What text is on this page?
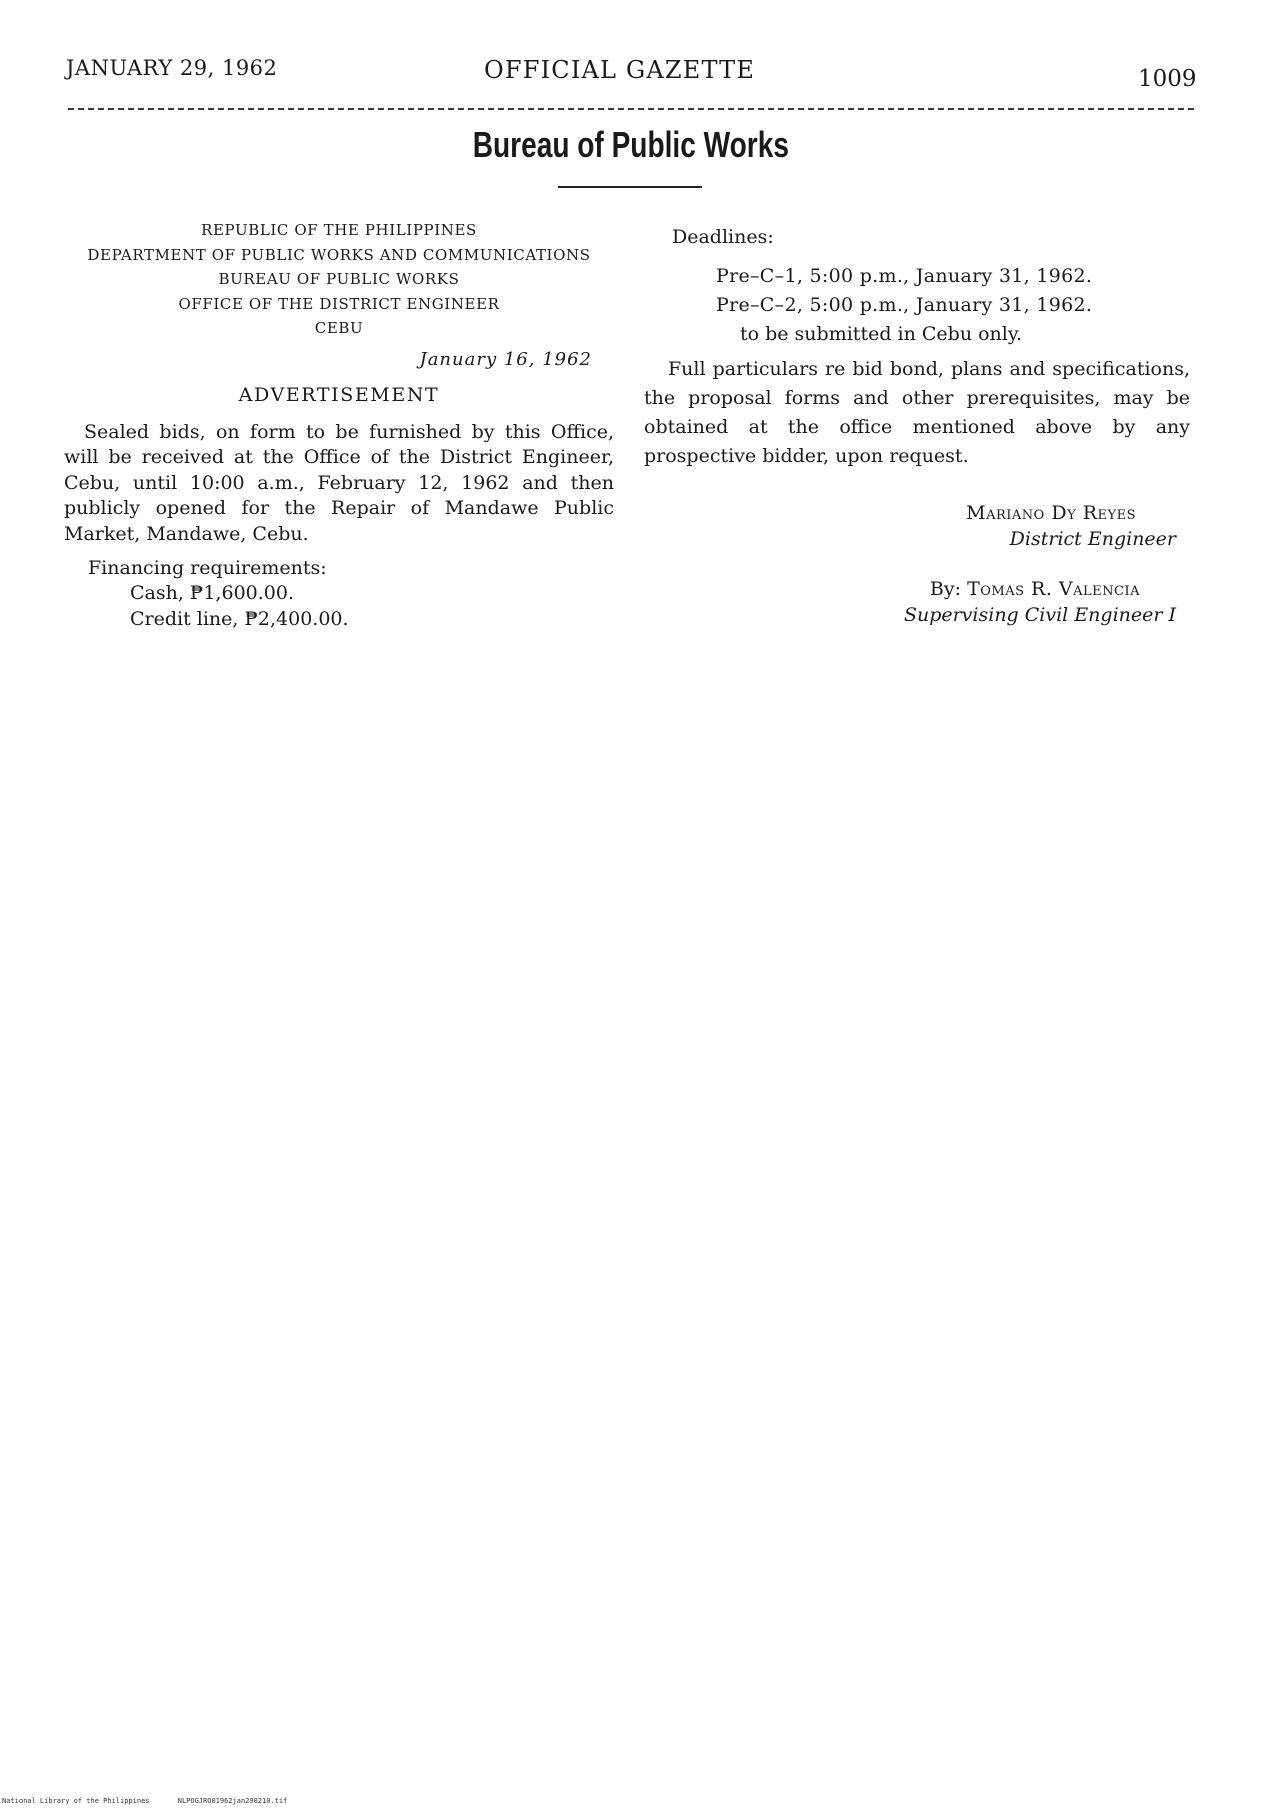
JANUARY 29, 1962	OFFICIAL GAZETTE	1009
Bureau of Public Works

REPUBLIC OF THE PHILIPPINES

DEPARTMENT OF PUBLIC WORKS AND COMMUNICATIONS

BUREAU OF PUBLIC WORKS

OFFICE OF THE DISTRICT ENGINEER

CEBU

January 16, 1962

ADVERTISEMENT

Sealed bids, on form to be furnished by this Office, will be received at the Office of the District Engineer, Cebu, until 10:00 a.m., February 12, 1962 and then publicly opened for the Repair of Mandawe Public Market, Mandawe, Cebu.

Financing requirements:

Cash, ₱1,600.00.

Credit line, ₱2,400.00.

Deadlines:

Pre–C–1, 5:00 p.m., January 31, 1962.

Pre–C–2, 5:00 p.m., January 31, 1962.

to be submitted in Cebu only.

Full particulars re bid bond, plans and specifications, the proposal forms and other prerequisites, may be obtained at the office mentioned above by any prospective bidder, upon request.

Mariano Dy Reyes
District Engineer
By: Tomas R. Valencia
Supervising Civil Engineer I
National Library of the Philippines	NLPOGJRO01962jan290210.tif
